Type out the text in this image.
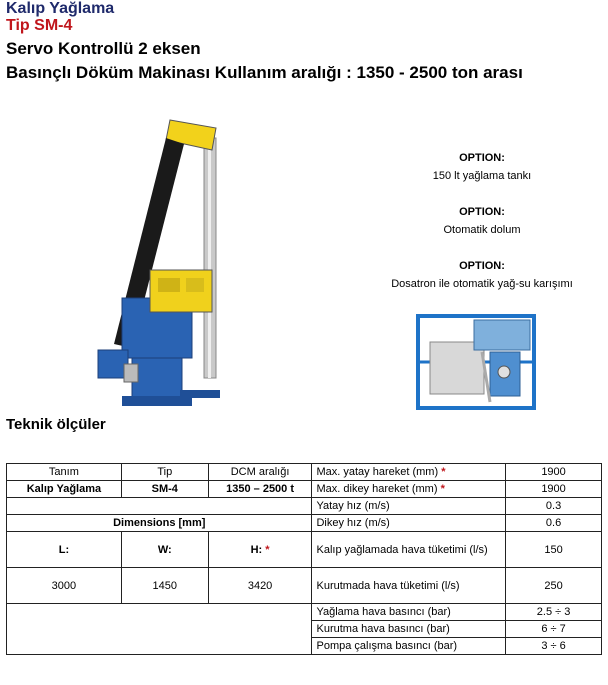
Kalıp Yağlama
Tip SM-4
Servo Kontrollü 2 eksen
Basınçlı Döküm Makinası Kullanım aralığı : 1350 - 2500 ton arası
OPTION:
150 lt yağlama tankı
OPTION:
Otomatik dolum
OPTION:
Dosatron ile otomatik yağ-su karışımı
Teknik ölçüler
Tanım	Tip	DCM aralığı	Max. yatay hareket (mm) *	1900
Kalıp Yağlama	SM-4	1350 – 2500 t	Max. dikey hareket (mm) *	1900
			Yatay hız (m/s)	0.3
Dimensions [mm]			Dikey hız (m/s)	0.6
L:	W:	H: *	Kalıp yağlamada hava tüketimi (l/s)	150
3000	1450	3420	Kurutmada hava tüketimi (l/s)	250
			Yağlama hava basıncı (bar)	2.5 ÷ 3
			Kurutma hava basıncı (bar)	6 ÷ 7
			Pompa çalışma basıncı (bar)	3 ÷ 6
